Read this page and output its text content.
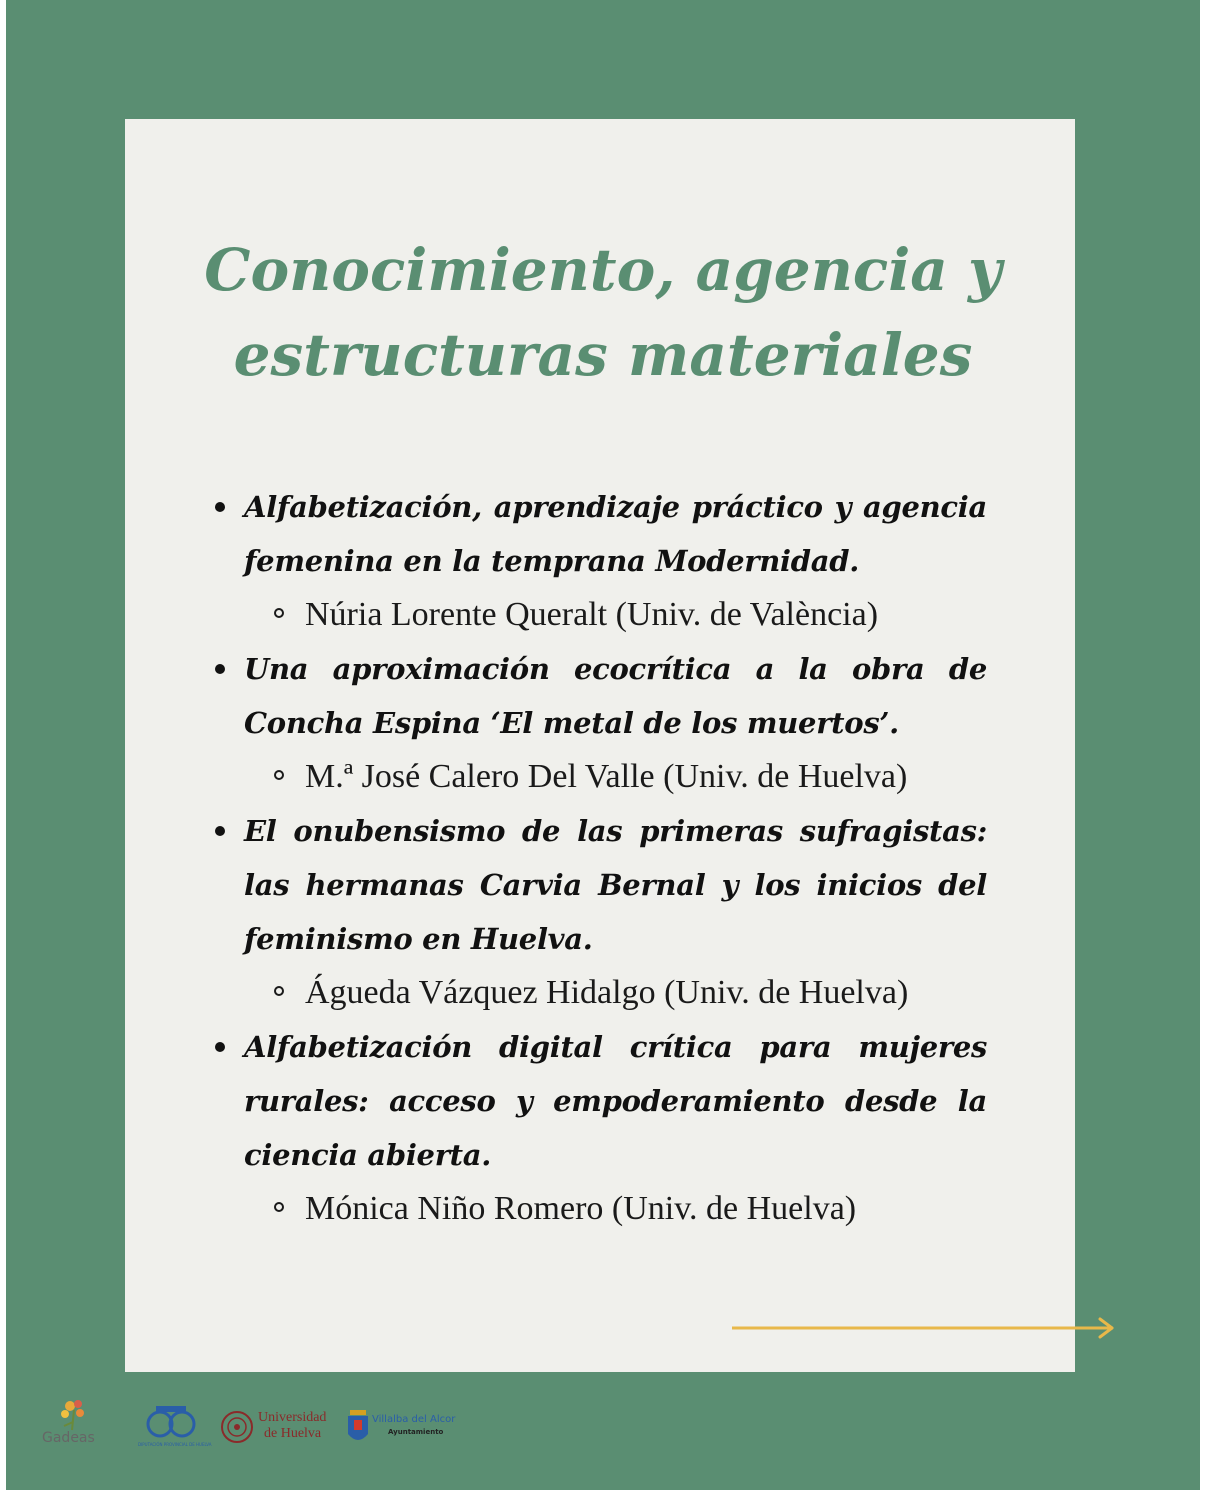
Conocimiento, agencia y
estructuras materiales
Alfabetización, aprendizaje práctico y agencia femenina en la temprana Modernidad.
Núria Lorente Queralt (Univ. de València)
Una aproximación ecocrítica a la obra de Concha Espina ‘El metal de los muertos’.
M.ª José Calero Del Valle (Univ. de Huelva)
El onubensismo de las primeras sufragistas: las hermanas Carvia Bernal y los inicios del feminismo en Huelva.
Águeda Vázquez Hidalgo (Univ. de Huelva)
Alfabetización digital crítica para mujeres rurales: acceso y empoderamiento desde la ciencia abierta.
Mónica Niño Romero (Univ. de Huelva)
Gadeas	DIPUTACIÓN PROVINCIAL DE HUELVA
Universidad
de Huelva
Villalba del Alcor
Ayuntamiento
